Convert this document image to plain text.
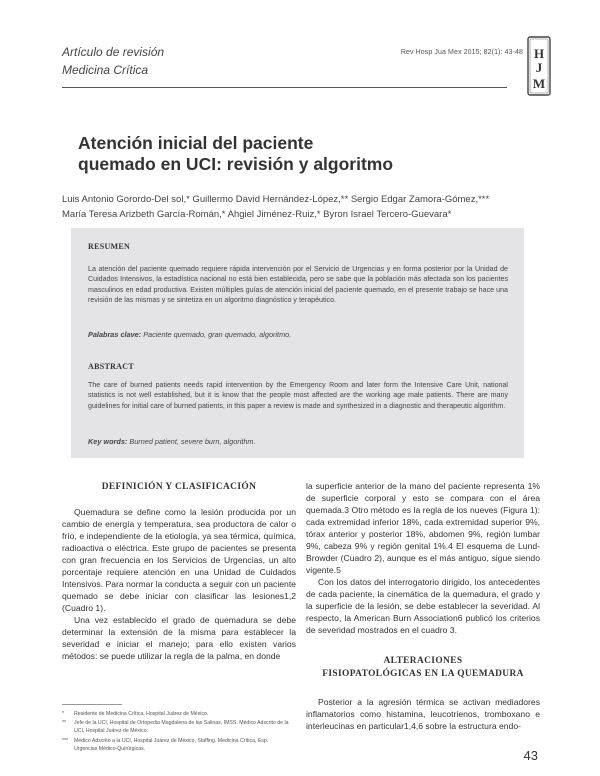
Artículo de revisión
Medicina Crítica
Rev Hosp Jua Mex 2015; 82(1): 43-48 H
J
M
Atención inicial del paciente
quemado en UCI: revisión y algoritmo
Luis Antonio Gorordo-Del sol,* Guillermo David Hernández-López,** Sergio Edgar Zamora-Gómez,***
María Teresa Arizbeth García-Román,* Ahgiel Jiménez-Ruiz,* Byron Israel Tercero-Guevara*
RESUMEN
La atención del paciente quemado requiere rápida intervención por el Servicio de Urgencias y en forma posterior por la Unidad de Cuidados Intensivos, la estadística nacional no está bien establecida, pero se sabe que la población más afectada son los pacientes masculinos en edad productiva. Existen múltiples guías de atención inicial del paciente quemado, en el presente trabajo se hace una revisión de las mismas y se sintetiza en un algoritmo diagnóstico y terapéutico.
Palabras clave: Paciente quemado, gran quemado, algoritmo.
ABSTRACT
The care of burned patients needs rapid intervention by the Emergency Room and later form the Intensive Care Unit, national statistics is not well established, but it is know that the people most affected are the working age male patients. There are many guidelines for initial care of burned patients, in this paper a review is made and synthesized in a diagnostic and therapeutic algorithm.
Key words: Burned patient, severe burn, algorithm.
DEFINICIÓN Y CLASIFICACIÓN
Quemadura se define como la lesión producida por un cambio de energía y temperatura, sea productora de calor o frío, e independiente de la etiología, ya sea térmica, química, radioactiva o eléctrica. Este grupo de pacientes se presenta con gran frecuencia en los Servicios de Urgencias, un alto porcentaje requiere atención en una Unidad de Cuidados Intensivos. Para normar la conducta a seguir con un paciente quemado se debe iniciar con clasificar las lesiones1,2 (Cuadro 1).
Una vez establecido el grado de quemadura se debe determinar la extensión de la misma para establecer la severidad e iniciar el manejo; para ello existen varios métodos: se puede utilizar la regla de la palma, en donde
*	Residente de Medicina Crítica, Hospital Juárez de México.
**	Jefe de la UCI, Hospital de Ortopedia Magdalena de las Salinas, IMSS. Médico Adscrito de la UCI, Hospital Juárez de México.
***	Médico Adscrito a la UCI, Hospital Juárez de México, Staffing. Medicina Crítica, Esp. Urgencias Médico-Quirúrgicas.
la superficie anterior de la mano del paciente representa 1% de superficie corporal y esto se compara con el área quemada.3 Otro método es la regla de los nueves (Figura 1): cada extremidad inferior 18%, cada extremidad superior 9%, tórax anterior y posterior 18%, abdomen 9%, región lumbar 9%, cabeza 9% y región genital 1%.4 El esquema de Lund-Browder (Cuadro 2), aunque es el más antiguo, sigue siendo vigente.5
Con los datos del interrogatorio dirigido, los antecedentes de cada paciente, la cinemática de la quemadura, el grado y la superficie de la lesión, se debe establecer la severidad. Al respecto, la American Burn Association6 publicó los criterios de severidad mostrados en el cuadro 3.
ALTERACIONES
FISIOPATOLÓGICAS EN LA QUEMADURA
Posterior a la agresión térmica se activan mediadores inflamatorios como histamina, leucotrienos, tromboxano e interleucinas en particular1,4,6 sobre la estructura endo-
43
